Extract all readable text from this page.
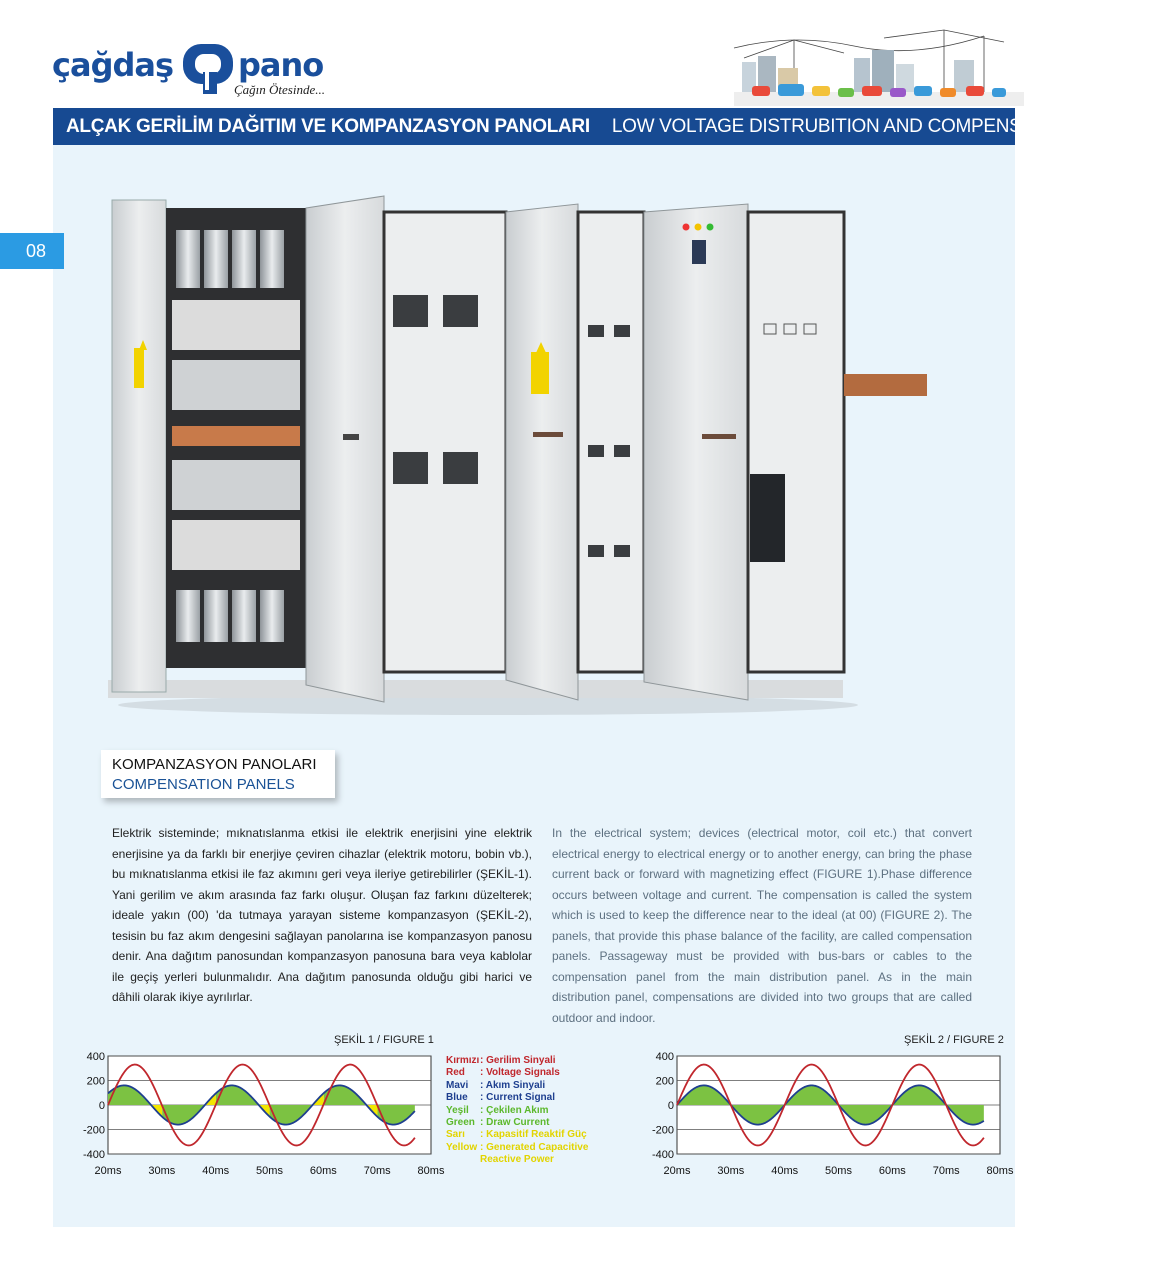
çağdaş pano
Çağın Ötesinde...
ALÇAK GERİLİM DAĞITIM VE KOMPANZASYON PANOLARI LOW VOLTAGE DISTRUBITION AND COMPENSATION PANELS
08
KOMPANZASYON PANOLARI
COMPENSATION PANELS
Elektrik sisteminde; mıknatıslanma etkisi ile elektrik enerjisini yine elektrik enerjisine ya da farklı bir enerjiye çeviren cihazlar (elektrik motoru, bobin vb.), bu mıknatıslanma etkisi ile faz akımını geri veya ileriye getirebilirler (ŞEKİL-1). Yani gerilim ve akım arasında faz farkı oluşur. Oluşan faz farkını düzelterek; ideale yakın (00) 'da tutmaya yarayan sisteme kompanzasyon (ŞEKİL-2), tesisin bu faz akım dengesini sağlayan panolarına ise kompanzasyon panosu denir. Ana dağıtım panosundan kompanzasyon panosuna bara veya kablolar ile geçiş yerleri bulunmalıdır. Ana dağıtım panosunda olduğu gibi harici ve dâhili olarak ikiye ayrılırlar.
In the electrical system; devices (electrical motor, coil etc.) that convert electrical energy to electrical energy or to another energy, can bring the phase current back or forward with magnetizing effect (FIGURE 1).Phase difference occurs between voltage and current. The compensation is called the system which is used to keep the difference near to the ideal (at 00) (FIGURE 2). The panels, that provide this phase balance of the facility, are called compensation panels. Passageway must be provided with bus-bars or cables to the compensation panel from the main distribution panel. As in the main distribution panel, compensations are divided into two groups that are called outdoor and indoor.
ŞEKİL 1 / FIGURE 1	ŞEKİL 2 / FIGURE 2
400
200
0
-200
-400
20ms 30ms 40ms 50ms 60ms 70ms 80ms
400
200
0
-200
-400
20ms 30ms 40ms 50ms 60ms 70ms 80ms
Kırmızı : Gerilim Sinyali
Red	: Voltage Signals
Mavi	: Akım Sinyali
Blue	: Current Signal
Yeşil	: Çekilen Akım
Green : Draw Current
Sarı	: Kapasitif Reaktif Güç
Yellow : Generated Capacitive
Reactive Power
